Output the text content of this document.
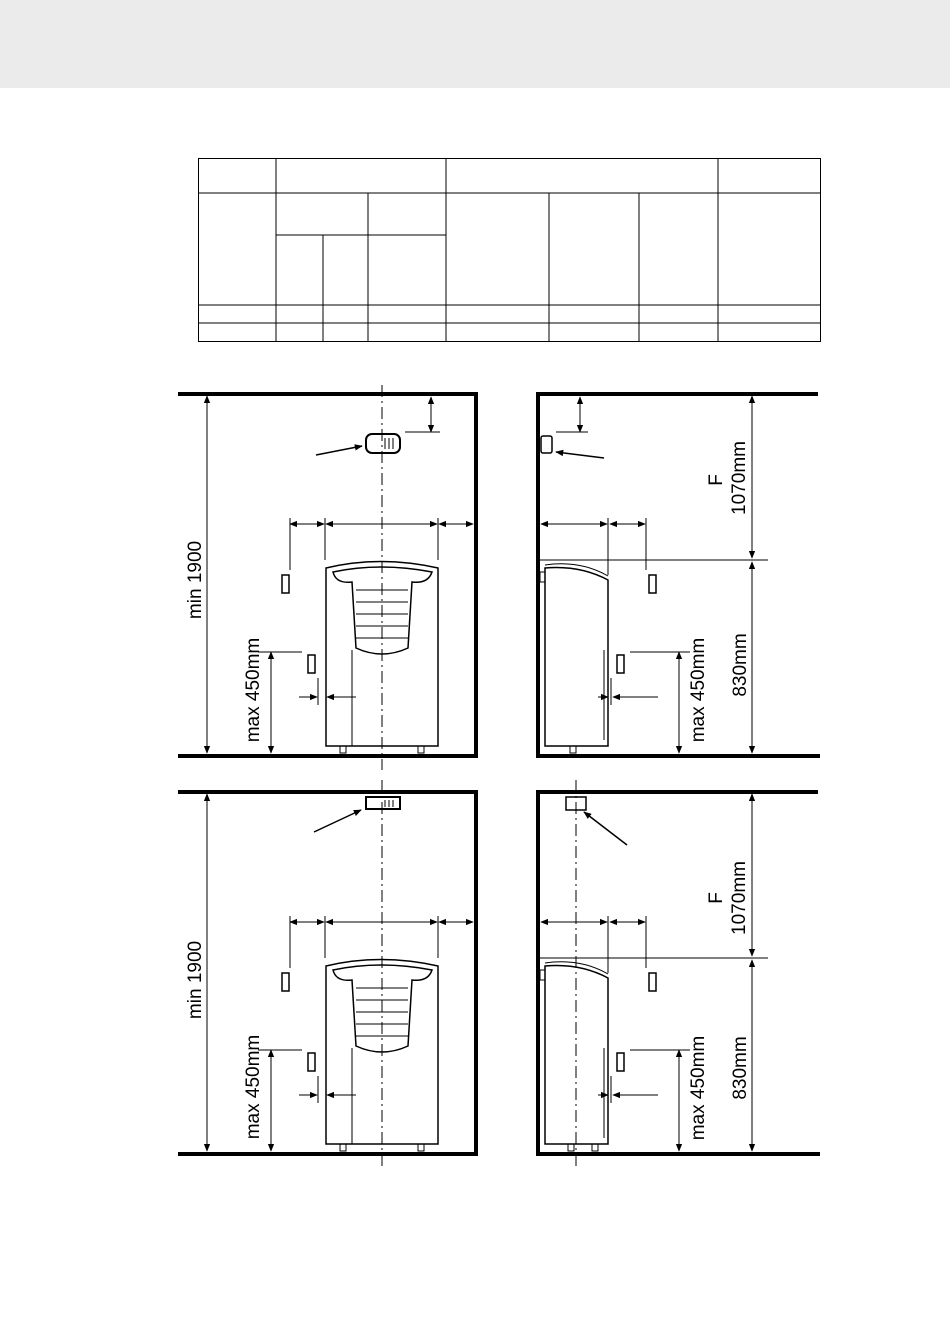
min 1900
max 450mm
F 1070mm
830mm
max 450mm
min 1900
max 450mm
F 1070mm
830mm
max 450mm
